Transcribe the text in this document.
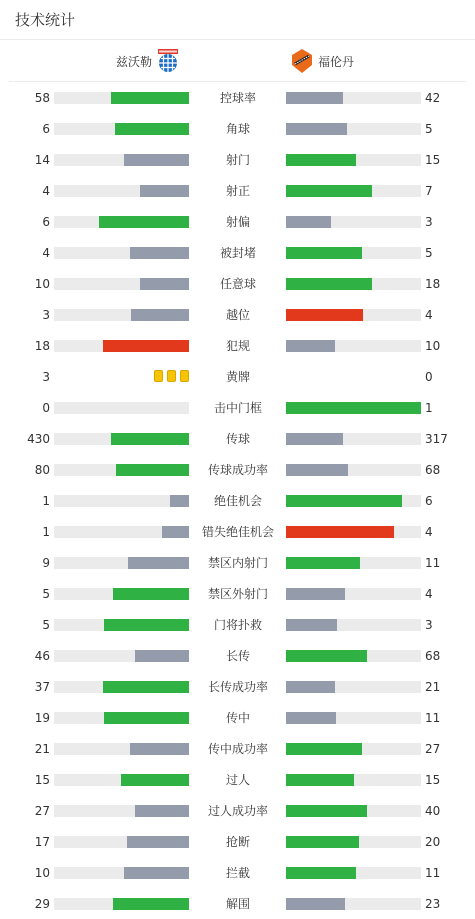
技术统计
兹沃勒	福伦丹
58	控球率	42
6	角球	5
14	射门	15
4	射正	7
6	射偏	3
4	被封堵	5
10	任意球	18
3	越位	4
18	犯规	10
3	黄牌	0
0	击中门框	1
430	传球	317
80	传球成功率	68
1	绝佳机会	6
1	错失绝佳机会	4
9	禁区内射门	11
5	禁区外射门	4
5	门将扑救	3
46	长传	68
37	长传成功率	21
19	传中	11
21	传中成功率	27
15	过人	15
27	过人成功率	40
17	抢断	20
10	拦截	11
29	解围	23
